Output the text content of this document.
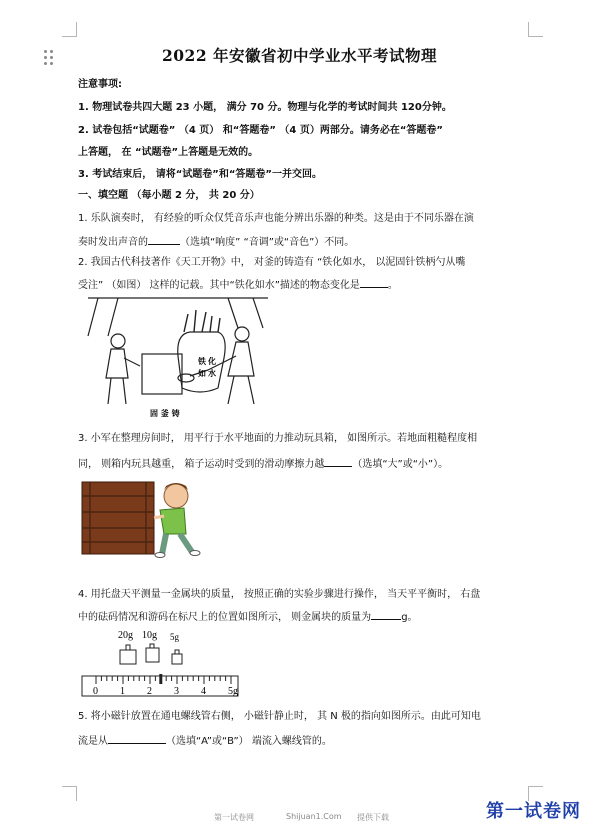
2022 年安徽省初中学业水平考试物理
注意事项:
1. 物理试卷共四大题 23 小题， 满分 70 分。物理与化学的考试时间共 120分钟。
2. 试卷包括“试题卷” （4 页） 和“答题卷” （4 页）两部分。请务必在“答题卷”
上答题， 在 “试题卷”上答题是无效的。
3. 考试结束后， 请将“试题卷”和“答题卷”一并交回。
一、填空题 （每小题 2 分， 共 20 分）
1. 乐队演奏时， 有经验的听众仅凭音乐声也能分辨出乐器的种类。这是由于不同乐器在演
奏时发出声音的	（选填“响度” “音调”或“音色”）不同。
2. 我国古代科技著作《天工开物》中， 对釜的铸造有 “铁化如水， 以泥固针铁柄勺从嘴
受注” （如图） 这样的记载。其中“铁化如水”描述的物态变化是	。
铁 化
如 水
固 釜 铸
3. 小军在整理房间时， 用平行于水平地面的力推动玩具箱， 如图所示。若地面粗糙程度相
同， 则箱内玩具越重， 箱子运动时受到的滑动摩擦力越	（选填“大”或“小”）。
4. 用托盘天平测量一金属块的质量， 按照正确的实验步骤进行操作， 当天平平衡时， 右盘
中的砝码情况和游码在标尺上的位置如图所示， 则金属块的质量为	g。
20g 10g 5g
0 1 2 3 4 5g
5. 将小磁针放置在通电螺线管右侧， 小磁针静止时， 其 N 极的指向如图所示。由此可知电
流是从	（选填“A”或“B”） 端流入螺线管的。
第一试卷网	Shijuan1.Com 提供下载	第一试卷网
